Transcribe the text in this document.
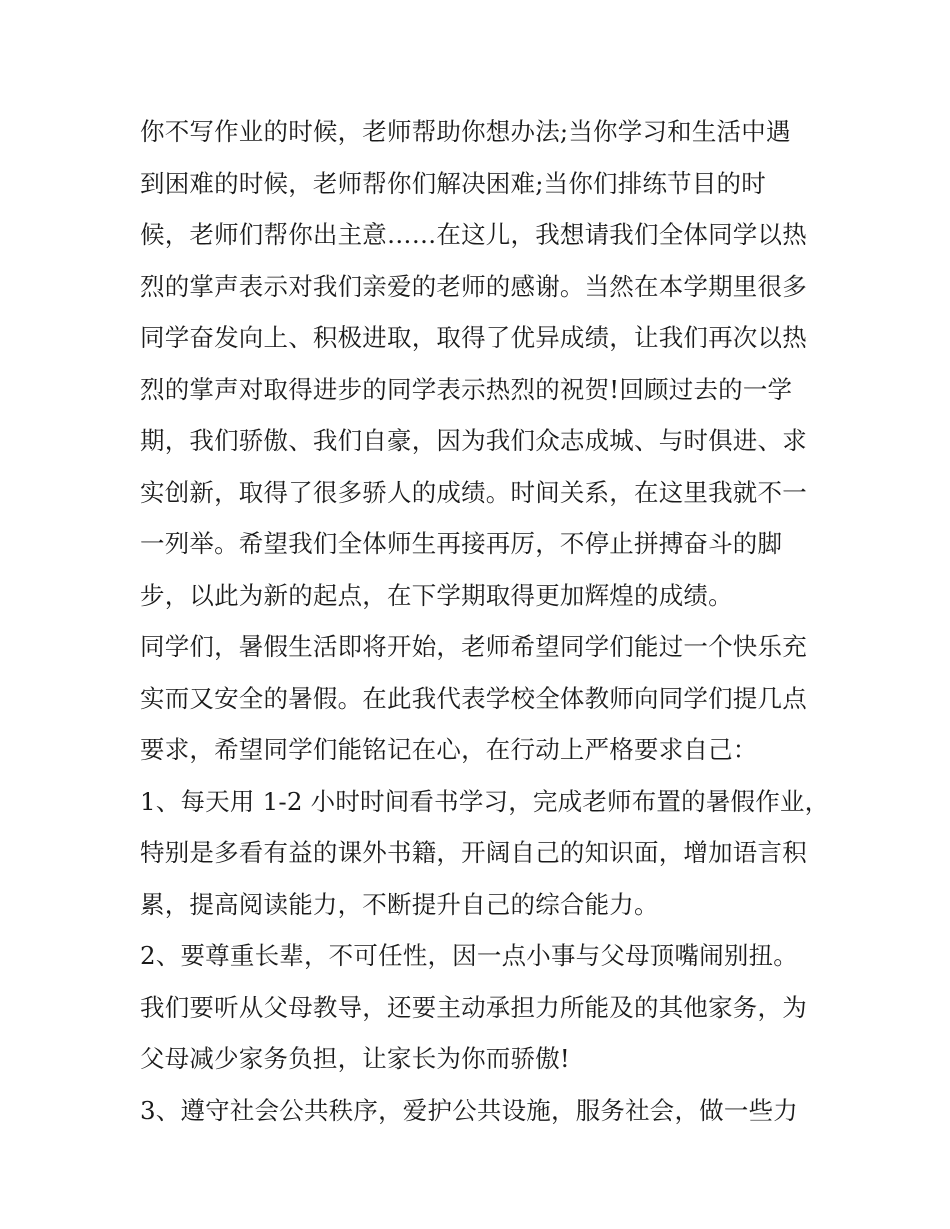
你不写作业的时候，老师帮助你想办法;当你学习和生活中遇
到困难的时候，老师帮你们解决困难;当你们排练节目的时
候，老师们帮你出主意……在这儿，我想请我们全体同学以热
烈的掌声表示对我们亲爱的老师的感谢。当然在本学期里很多
同学奋发向上、积极进取，取得了优异成绩，让我们再次以热
烈的掌声对取得进步的同学表示热烈的祝贺!回顾过去的一学
期，我们骄傲、我们自豪，因为我们众志成城、与时俱进、求
实创新，取得了很多骄人的成绩。时间关系，在这里我就不一
一列举。希望我们全体师生再接再厉，不停止拼搏奋斗的脚
步，以此为新的起点，在下学期取得更加辉煌的成绩。
同学们，暑假生活即将开始，老师希望同学们能过一个快乐充
实而又安全的暑假。在此我代表学校全体教师向同学们提几点
要求，希望同学们能铭记在心，在行动上严格要求自己：
1、每天用 1-2 小时时间看书学习，完成老师布置的暑假作业，
特别是多看有益的课外书籍，开阔自己的知识面，增加语言积
累，提高阅读能力，不断提升自己的综合能力。
2、要尊重长辈，不可任性，因一点小事与父母顶嘴闹别扭。
我们要听从父母教导，还要主动承担力所能及的其他家务，为
父母减少家务负担，让家长为你而骄傲!
3、遵守社会公共秩序，爱护公共设施，服务社会，做一些力
